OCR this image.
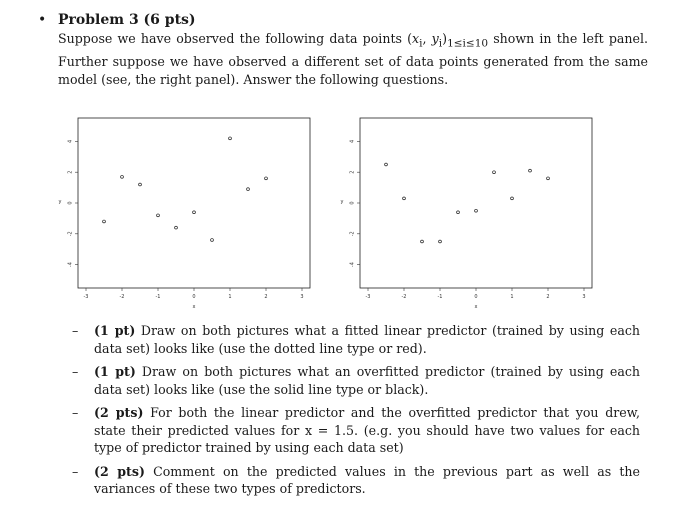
• Problem 3 (6 pts)
Suppose we have observed the following data points ($x_i$, $y_i)_{1\le i\le 10}$ shown in the left panel. Further suppose we have observed a different set of data points generated from the same model (see, the right panel). Answer the following questions.
-3	-2	-1	0	1	2	3
-4
-2
0
2
4
x
y
-3	-2	-1	0	1	2	3
-4
-2
0
2
4
x
y
– (1 pt) Draw on both pictures what a fitted linear predictor (trained by using each data set) looks like (use the dotted line type or red).
– (1 pt) Draw on both pictures what an overfitted predictor (trained by using each data set) looks like (use the solid line type or black).
– (2 pts) For both the linear predictor and the overfitted predictor that you drew, state their predicted values for x = 1.5. (e.g. you should have two values for each type of predictor trained by using each data set)
– (2 pts) Comment on the predicted values in the previous part as well as the variances of these two types of predictors.
